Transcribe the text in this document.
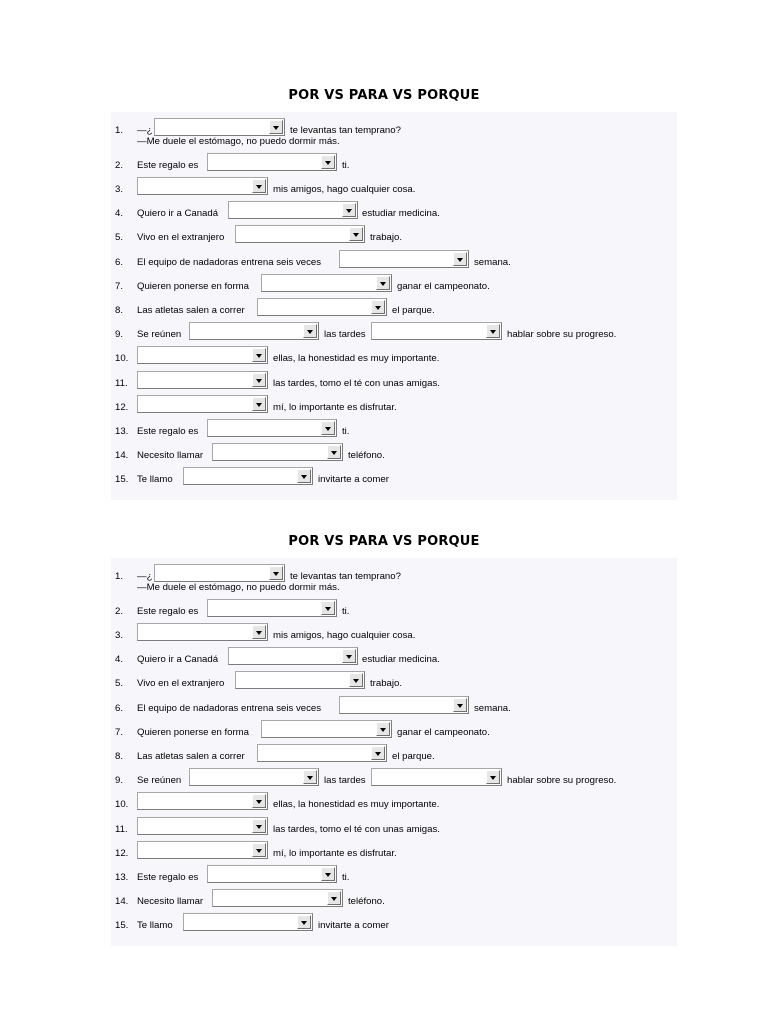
POR VS PARA VS PORQUE
1.	—¿	te levantas tan temprano?
—Me duele el estómago, no puedo dormir más.
2.	Este regalo es	ti.
3.	mis amigos, hago cualquier cosa.
4.	Quiero ir a Canadá	estudiar medicina.
5.	Vivo en el extranjero	trabajo.
6.	El equipo de nadadoras entrena seis veces	semana.
7.	Quieren ponerse en forma	ganar el campeonato.
8.	Las atletas salen a correr	el parque.
9.	Se reúnen	las tardes	hablar sobre su progreso.
10.	ellas, la honestidad es muy importante.
11.	las tardes, tomo el té con unas amigas.
12.	mí, lo importante es disfrutar.
13. Este regalo es	ti.
14. Necesito llamar	teléfono.
15. Te llamo	invitarte a comer
POR VS PARA VS PORQUE
1.	—¿	te levantas tan temprano?
—Me duele el estómago, no puedo dormir más.
2.	Este regalo es	ti.
3.	mis amigos, hago cualquier cosa.
4.	Quiero ir a Canadá	estudiar medicina.
5.	Vivo en el extranjero	trabajo.
6.	El equipo de nadadoras entrena seis veces	semana.
7.	Quieren ponerse en forma	ganar el campeonato.
8.	Las atletas salen a correr	el parque.
9.	Se reúnen	las tardes	hablar sobre su progreso.
10.	ellas, la honestidad es muy importante.
11.	las tardes, tomo el té con unas amigas.
12.	mí, lo importante es disfrutar.
13. Este regalo es	ti.
14. Necesito llamar	teléfono.
15. Te llamo	invitarte a comer
